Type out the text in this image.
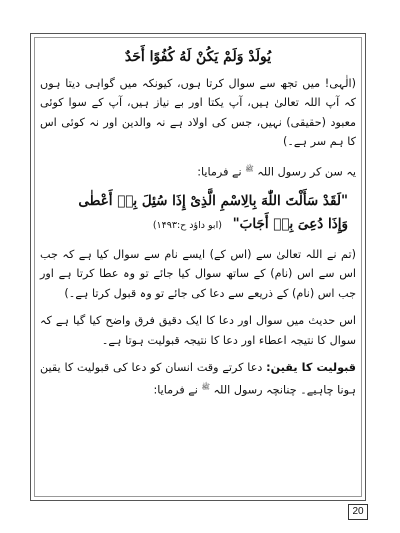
يُولَدْ وَلَمْ يَكُنْ لَهُ كُفُوًا أَحَدٌ

(الٰہی! میں تجھ سے سوال کرتا ہوں، کیونکہ میں گواہی دیتا ہوں کہ آپ اللہ تعالیٰ ہیں، آپ یکتا اور بے نیاز ہیں، آپ کے سوا کوئی معبود (حقیقی) نہیں، جس کی اولاد ہے نہ والدین اور نہ کوئی اس کا ہم سر ہے۔)

یہ سن کر رسول اللہ $^ﷺ$ نے فرمایا:

"لَقَدْ سَأَلْتَ اللّٰهَ بِالِاسْمِ الَّذِیْ إِذَا سُئِلَ بِهٖ أَعْطٰی
وَإِذَا دُعِیَ بِهٖ أَجَابَ" (ابو داؤد ح:۱۴۹۳)

(تم نے اللہ تعالیٰ سے (اس کے) ایسے نام سے سوال کیا ہے کہ جب اس سے اس (نام) کے ساتھ سوال کیا جائے تو وہ عطا کرتا ہے اور جب اس (نام) کے ذریعے سے دعا کی جائے تو وہ قبول کرتا ہے۔)

اس حدیث میں سوال اور دعا کا ایک دقیق فرق واضح کیا گیا ہے کہ سوال کا نتیجہ اعطاء اور دعا کا نتیجہ قبولیت ہوتا ہے۔

قبولیت کا یقین: دعا کرتے وقت انسان کو دعا کی قبولیت کا یقین ہونا چاہیے۔ چنانچہ رسول اللہ $^ﷺ$ نے فرمایا:

20
